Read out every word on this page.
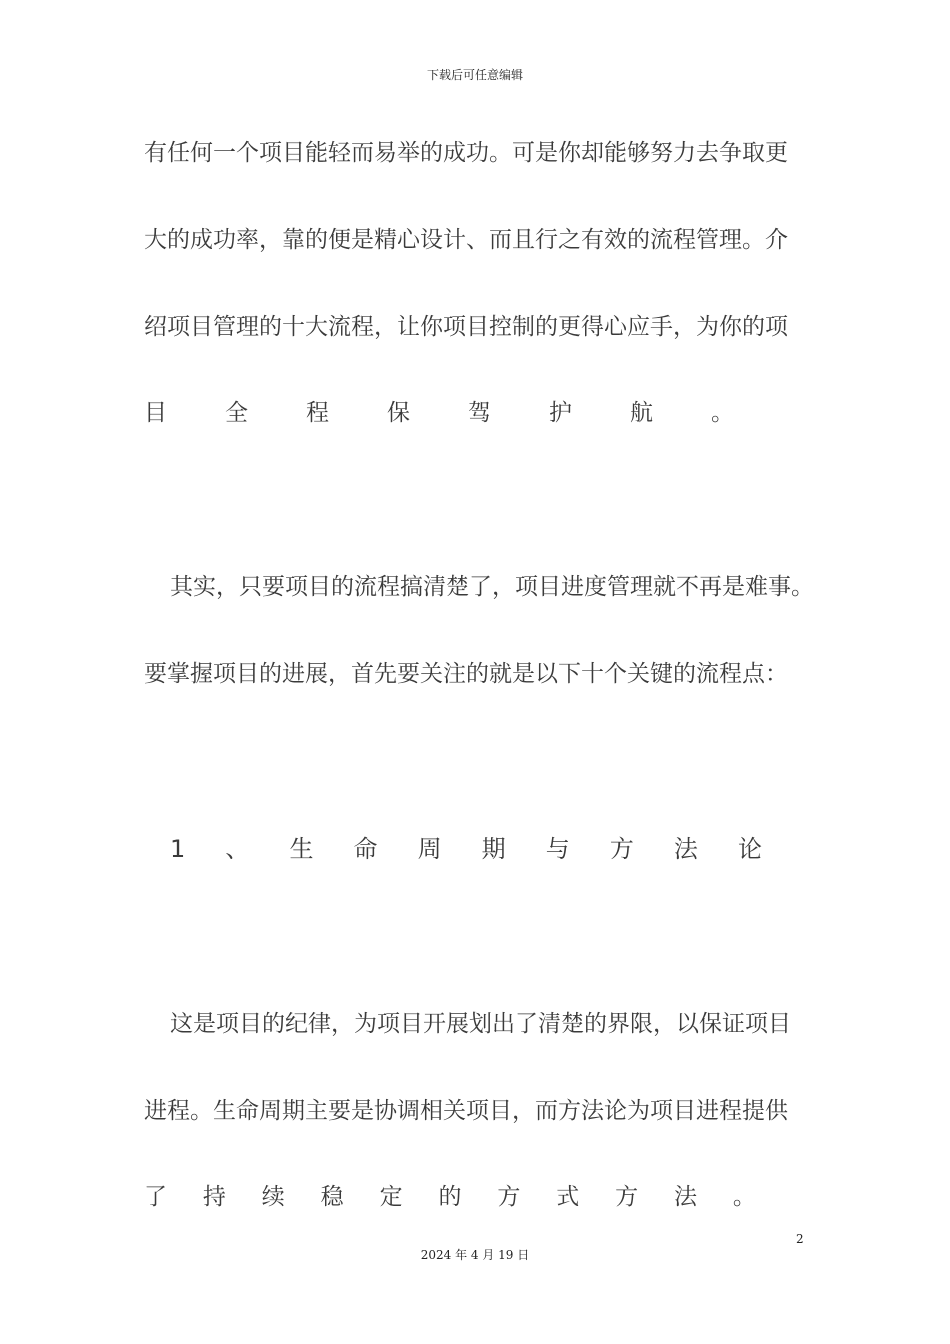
下载后可任意编辑
有任何一个项目能轻而易举的成功。可是你却能够努力去争取更
大的成功率，靠的便是精心设计、而且行之有效的流程管理。介
绍项目管理的十大流程，让你项目控制的更得心应手，为你的项
目	全	程	保	驾	护	航	。
其实，只要项目的流程搞清楚了，项目进度管理就不再是难事。
要掌握项目的进展，首先要关注的就是以下十个关键的流程点：
1 、 生 命 周 期 与 方 法 论
这是项目的纪律，为项目开展划出了清楚的界限，以保证项目
进程。生命周期主要是协调相关项目，而方法论为项目进程提供
了 持 续 稳 定 的 方 式 方 法 。
2
2024 年 4 月 19 日
